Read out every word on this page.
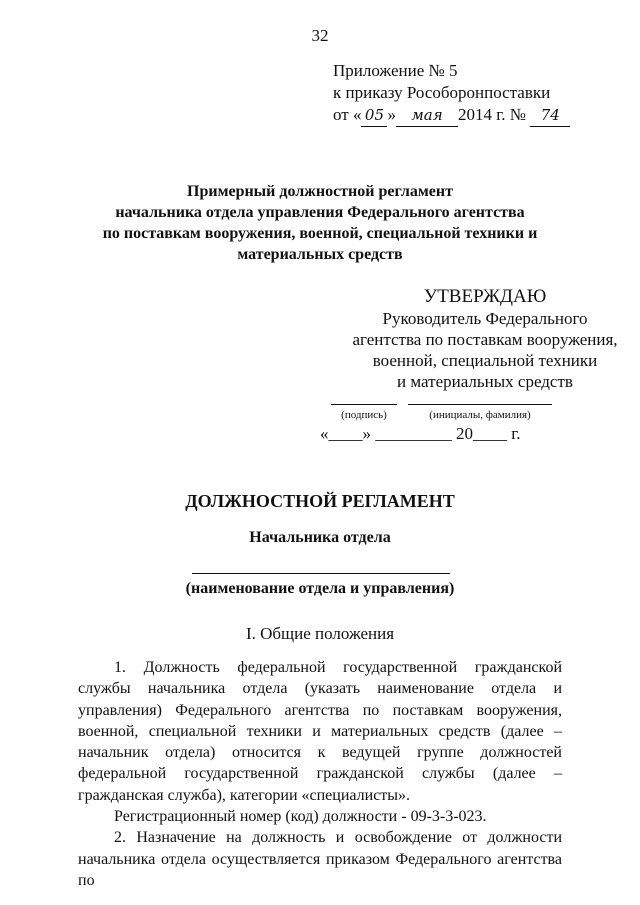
32
Приложение № 5
к приказу Рособоронпоставки
от « 05 » мая 2014 г. № 74
Примерный должностной регламент
начальника отдела управления Федерального агентства
по поставкам вооружения, военной, специальной техники и
материальных средств
УТВЕРЖДАЮ
Руководитель Федерального
агентства по поставкам вооружения,
военной, специальной техники
и материальных средств
(подпись)	(инициалы, фамилия)
«____» _________ 20____ г.
ДОЛЖНОСТНОЙ РЕГЛАМЕНТ
Начальника отдела
(наименование отдела и управления)
I. Общие положения

1. Должность федеральной государственной гражданской службы начальника отдела (указать наименование отдела и управления) Федерального агентства по поставкам вооружения, военной, специальной техники и материальных средств (далее – начальник отдела) относится к ведущей группе должностей федеральной государственной гражданской службы (далее – гражданская служба), категории «специалисты».

Регистрационный номер (код) должности - 09-3-3-023.

2. Назначение на должность и освобождение от должности начальника отдела осуществляется приказом Федерального агентства по
